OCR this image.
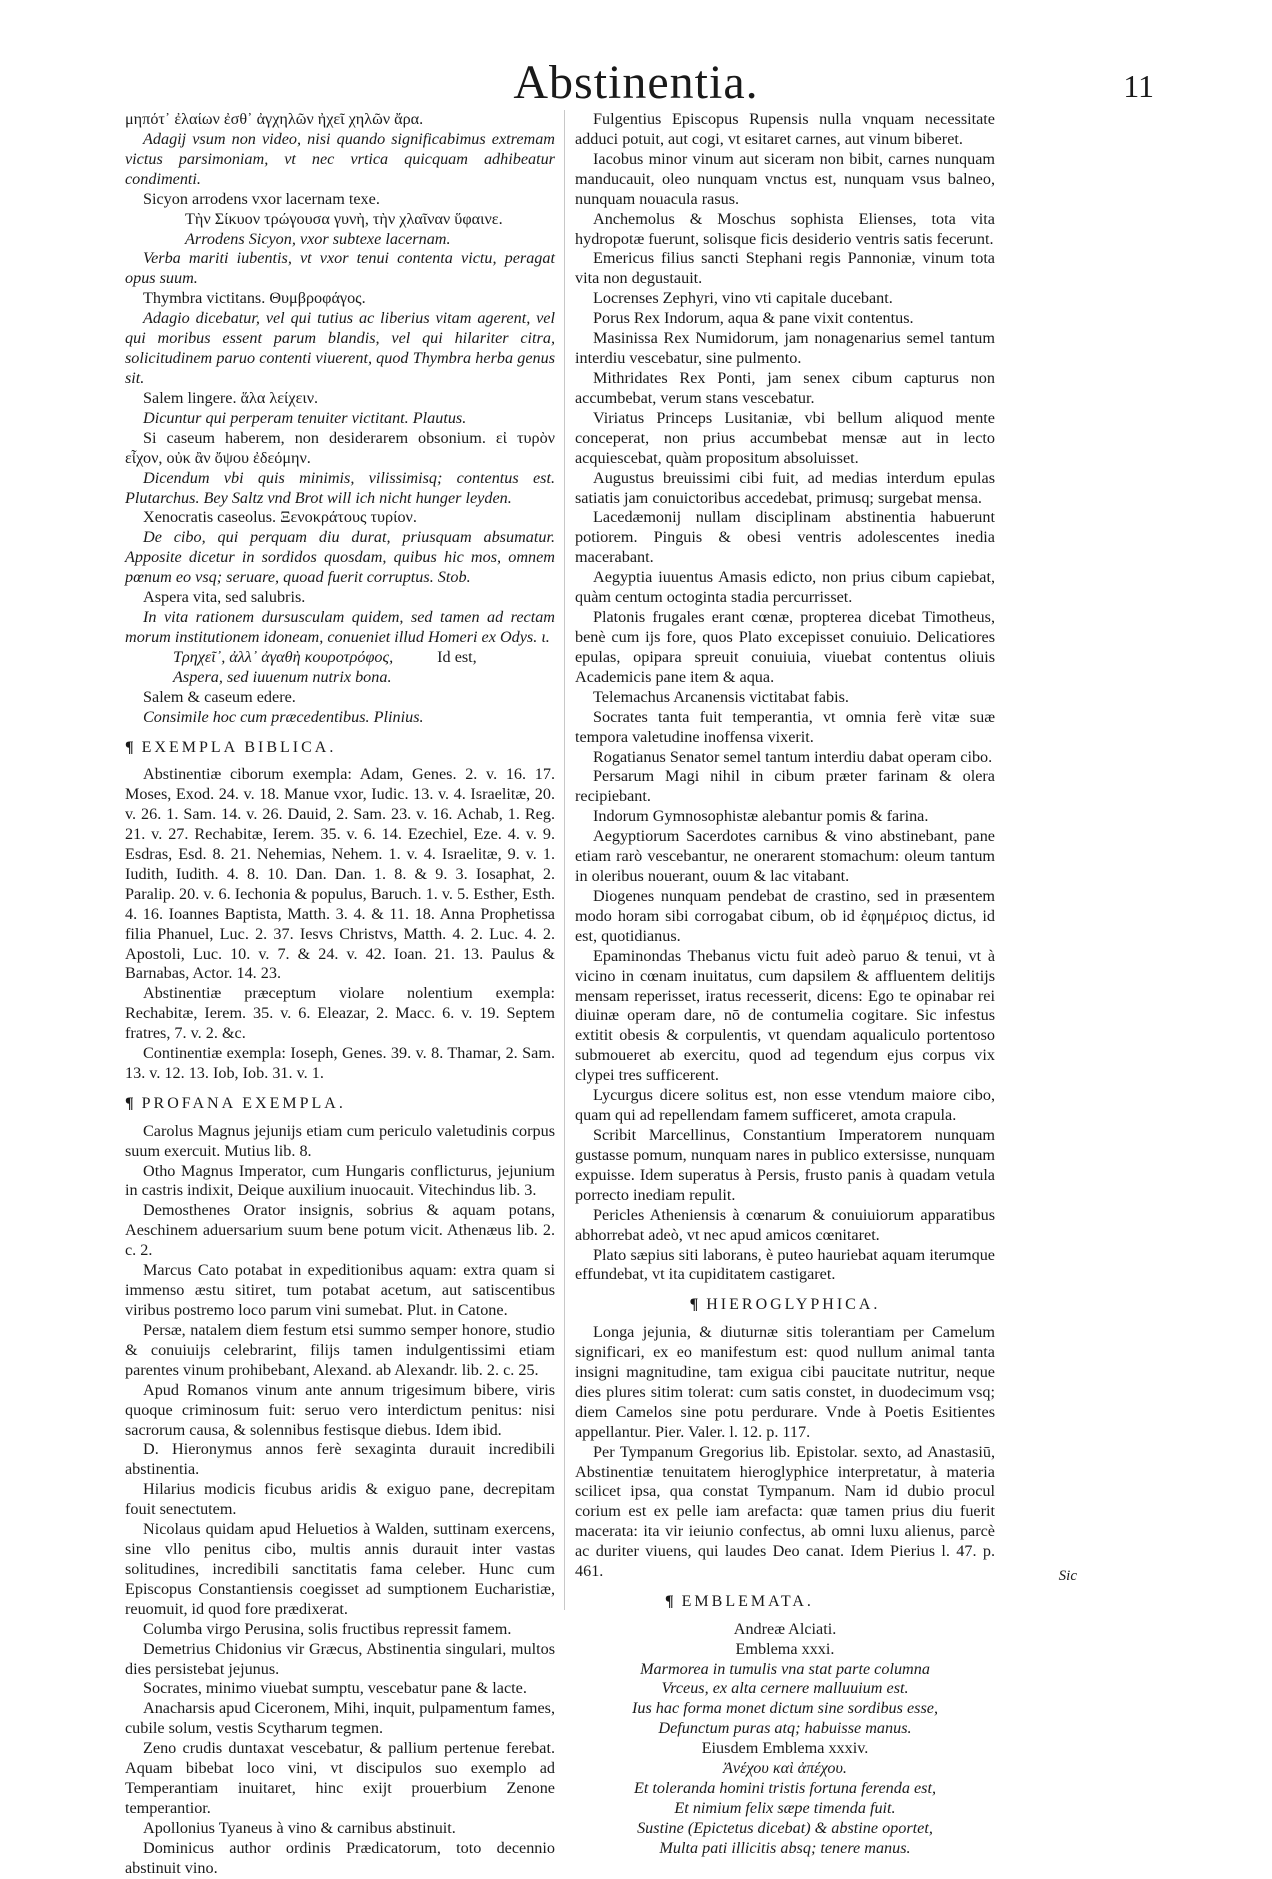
Abstinentia.	11

μηπότ᾽ ἐλαίων ἐσθ᾽ ἀγχηλῶν ἠχεῖ χηλῶν ἄρα.

Adagij vsum non video, nisi quando significabimus extremam victus parsimoniam, vt nec vrtica quicquam adhibeatur condimenti.

Sicyon arrodens vxor lacernam texe.

Τὴν Σίκυον τρώγουσα γυνὴ, τὴν χλαῖναν ὕφαινε.

Arrodens Sicyon, vxor subtexe lacernam.

Verba mariti iubentis, vt vxor tenui contenta victu, peragat opus suum.

Thymbra victitans. Θυμβροφάγος.

Adagio dicebatur, vel qui tutius ac liberius vitam agerent, vel qui moribus essent parum blandis, vel qui hilariter citra, solicitudinem paruo contenti viuerent, quod Thymbra herba genus sit.

Salem lingere. ἅλα λείχειν.

Dicuntur qui perperam tenuiter victitant. Plautus.

Si caseum haberem, non desiderarem obsonium. εἰ τυρὸν εἶχον, οὐκ ἂν ὄψου ἐδεόμην.

Dicendum vbi quis minimis, vilissimisq; contentus est. Plutarchus. Bey Saltz vnd Brot will ich nicht hunger leyden.

Xenocratis caseolus. Ξενοκράτους τυρίον.

De cibo, qui perquam diu durat, priusquam absumatur. Apposite dicetur in sordidos quosdam, quibus hic mos, omnem pœnum eo vsq; seruare, quoad fuerit corruptus. Stob.

Aspera vita, sed salubris.

In vita rationem dursusculam quidem, sed tamen ad rectam morum institutionem idoneam, conueniet illud Homeri ex Odys. ι.

Τρηχεῖ᾽, ἀλλ᾽ ἀγαθὴ κουροτρόφος,	Id est,

Aspera, sed iuuenum nutrix bona.

Salem & caseum edere.

Consimile hoc cum præcedentibus. Plinius.

¶ EXEMPLA BIBLICA.

Abstinentiæ ciborum exempla: Adam, Genes. 2. v. 16. 17. Moses, Exod. 24. v. 18. Manue vxor, Iudic. 13. v. 4. Israelitæ, 20. v. 26. 1. Sam. 14. v. 26. Dauid, 2. Sam. 23. v. 16. Achab, 1. Reg. 21. v. 27. Rechabitæ, Ierem. 35. v. 6. 14. Ezechiel, Eze. 4. v. 9. Esdras, Esd. 8. 21. Nehemias, Nehem. 1. v. 4. Israelitæ, 9. v. 1. Iudith, Iudith. 4. 8. 10. Dan. Dan. 1. 8. & 9. 3. Iosaphat, 2. Paralip. 20. v. 6. Iechonia & populus, Baruch. 1. v. 5. Esther, Esth. 4. 16. Ioannes Baptista, Matth. 3. 4. & 11. 18. Anna Prophetissa filia Phanuel, Luc. 2. 37. Iesvs Christvs, Matth. 4. 2. Luc. 4. 2. Apostoli, Luc. 10. v. 7. & 24. v. 42. Ioan. 21. 13. Paulus & Barnabas, Actor. 14. 23.

Abstinentiæ præceptum violare nolentium exempla: Rechabitæ, Ierem. 35. v. 6. Eleazar, 2. Macc. 6. v. 19. Septem fratres, 7. v. 2. &c.

Continentiæ exempla: Ioseph, Genes. 39. v. 8. Thamar, 2. Sam. 13. v. 12. 13. Iob, Iob. 31. v. 1.

¶ PROFANA EXEMPLA.

Carolus Magnus jejunijs etiam cum periculo valetudinis corpus suum exercuit. Mutius lib. 8.

Otho Magnus Imperator, cum Hungaris conflicturus, jejunium in castris indixit, Deique auxilium inuocauit. Vitechindus lib. 3.

Demosthenes Orator insignis, sobrius & aquam potans, Aeschinem aduersarium suum bene potum vicit. Athenæus lib. 2. c. 2.

Marcus Cato potabat in expeditionibus aquam: extra quam si immenso æstu sitiret, tum potabat acetum, aut satiscentibus viribus postremo loco parum vini sumebat. Plut. in Catone.

Persæ, natalem diem festum etsi summo semper honore, studio & conuiuijs celebrarint, filijs tamen indulgentissimi etiam parentes vinum prohibebant, Alexand. ab Alexandr. lib. 2. c. 25.

Apud Romanos vinum ante annum trigesimum bibere, viris quoque criminosum fuit: seruo vero interdictum penitus: nisi sacrorum causa, & solennibus festisque diebus. Idem ibid.

D. Hieronymus annos ferè sexaginta durauit incredibili abstinentia.

Hilarius modicis ficubus aridis & exiguo pane, decrepitam fouit senectutem.

Nicolaus quidam apud Heluetios à Walden, suttinam exercens, sine vllo penitus cibo, multis annis durauit inter vastas solitudines, incredibili sanctitatis fama celeber. Hunc cum Episcopus Constantiensis coegisset ad sumptionem Eucharistiæ, reuomuit, id quod fore prædixerat.

Columba virgo Perusina, solis fructibus repressit famem.

Demetrius Chidonius vir Græcus, Abstinentia singulari, multos dies persistebat jejunus.

Socrates, minimo viuebat sumptu, vescebatur pane & lacte.

Anacharsis apud Ciceronem, Mihi, inquit, pulpamentum fames, cubile solum, vestis Scytharum tegmen.

Zeno crudis duntaxat vescebatur, & pallium pertenue ferebat. Aquam bibebat loco vini, vt discipulos suo exemplo ad Temperantiam inuitaret, hinc exijt prouerbium Zenone temperantior.

Apollonius Tyaneus à vino & carnibus abstinuit.

Dominicus author ordinis Prædicatorum, toto decennio abstinuit vino.

Fulgentius Episcopus Rupensis nulla vnquam necessitate adduci potuit, aut cogi, vt esitaret carnes, aut vinum biberet.

Iacobus minor vinum aut siceram non bibit, carnes nunquam manducauit, oleo nunquam vnctus est, nunquam vsus balneo, nunquam nouacula rasus.

Anchemolus & Moschus sophista Elienses, tota vita hydropotæ fuerunt, solisque ficis desiderio ventris satis fecerunt.

Emericus filius sancti Stephani regis Pannoniæ, vinum tota vita non degustauit.

Locrenses Zephyri, vino vti capitale ducebant.

Porus Rex Indorum, aqua & pane vixit contentus.

Masinissa Rex Numidorum, jam nonagenarius semel tantum interdiu vescebatur, sine pulmento.

Mithridates Rex Ponti, jam senex cibum capturus non accumbebat, verum stans vescebatur.

Viriatus Princeps Lusitaniæ, vbi bellum aliquod mente conceperat, non prius accumbebat mensæ aut in lecto acquiescebat, quàm propositum absoluisset.

Augustus breuissimi cibi fuit, ad medias interdum epulas satiatis jam conuictoribus accedebat, primusq; surgebat mensa.

Lacedæmonij nullam disciplinam abstinentia habuerunt potiorem. Pinguis & obesi ventris adolescentes inedia macerabant.

Aegyptia iuuentus Amasis edicto, non prius cibum capiebat, quàm centum octoginta stadia percurrisset.

Platonis frugales erant cœnæ, propterea dicebat Timotheus, benè cum ijs fore, quos Plato excepisset conuiuio. Delicatiores epulas, opipara spreuit conuiuia, viuebat contentus oliuis Academicis pane item & aqua.

Telemachus Arcanensis victitabat fabis.

Socrates tanta fuit temperantia, vt omnia ferè vitæ suæ tempora valetudine inoffensa vixerit.

Rogatianus Senator semel tantum interdiu dabat operam cibo.

Persarum Magi nihil in cibum præter farinam & olera recipiebant.

Indorum Gymnosophistæ alebantur pomis & farina.

Aegyptiorum Sacerdotes carnibus & vino abstinebant, pane etiam rarò vescebantur, ne onerarent stomachum: oleum tantum in oleribus nouerant, ouum & lac vitabant.

Diogenes nunquam pendebat de crastino, sed in præsentem modo horam sibi corrogabat cibum, ob id ἐφημέριος dictus, id est, quotidianus.

Epaminondas Thebanus victu fuit adeò paruo & tenui, vt à vicino in cœnam inuitatus, cum dapsilem & affluentem delitijs mensam reperisset, iratus recesserit, dicens: Ego te opinabar rei diuinæ operam dare, nō de contumelia cogitare. Sic infestus extitit obesis & corpulentis, vt quendam aqualiculo portentoso submoueret ab exercitu, quod ad tegendum ejus corpus vix clypei tres sufficerent.

Lycurgus dicere solitus est, non esse vtendum maiore cibo, quam qui ad repellendam famem sufficeret, amota crapula.

Scribit Marcellinus, Constantium Imperatorem nunquam gustasse pomum, nunquam nares in publico extersisse, nunquam expuisse. Idem superatus à Persis, frusto panis à quadam vetula porrecto inediam repulit.

Pericles Atheniensis à cœnarum & conuiuiorum apparatibus abhorrebat adeò, vt nec apud amicos cœnitaret.

Plato sæpius siti laborans, è puteo hauriebat aquam iterumque effundebat, vt ita cupiditatem castigaret.

¶ HIEROGLYPHICA.

Longa jejunia, & diuturnæ sitis tolerantiam per Camelum significari, ex eo manifestum est: quod nullum animal tanta insigni magnitudine, tam exigua cibi paucitate nutritur, neque dies plures sitim tolerat: cum satis constet, in duodecimum vsq; diem Camelos sine potu perdurare. Vnde à Poetis Esitientes appellantur. Pier. Valer. l. 12. p. 117.

Per Tympanum Gregorius lib. Epistolar. sexto, ad Anastasiū, Abstinentiæ tenuitatem hieroglyphice interpretatur, à materia scilicet ipsa, qua constat Tympanum. Nam id dubio procul corium est ex pelle iam arefacta: quæ tamen prius diu fuerit macerata: ita vir ieiunio confectus, ab omni luxu alienus, parcè ac duriter viuens, qui laudes Deo canat. Idem Pierius l. 47. p. 461.

¶ EMBLEMATA.

Andreæ Alciati.

Emblema xxxi.

Marmorea in tumulis vna stat parte columna

Vrceus, ex alta cernere malluuium est.

Ius hac forma monet dictum sine sordibus esse,

Defunctum puras atq; habuisse manus.

Eiusdem Emblema xxxiv.

Ἀνέχου καὶ ἀπέχου.

Et toleranda homini tristis fortuna ferenda est,

Et nimium felix sæpe timenda fuit.

Sustine (Epictetus dicebat) & abstine oportet,

Multa pati illicitis absq; tenere manus.

Sic
